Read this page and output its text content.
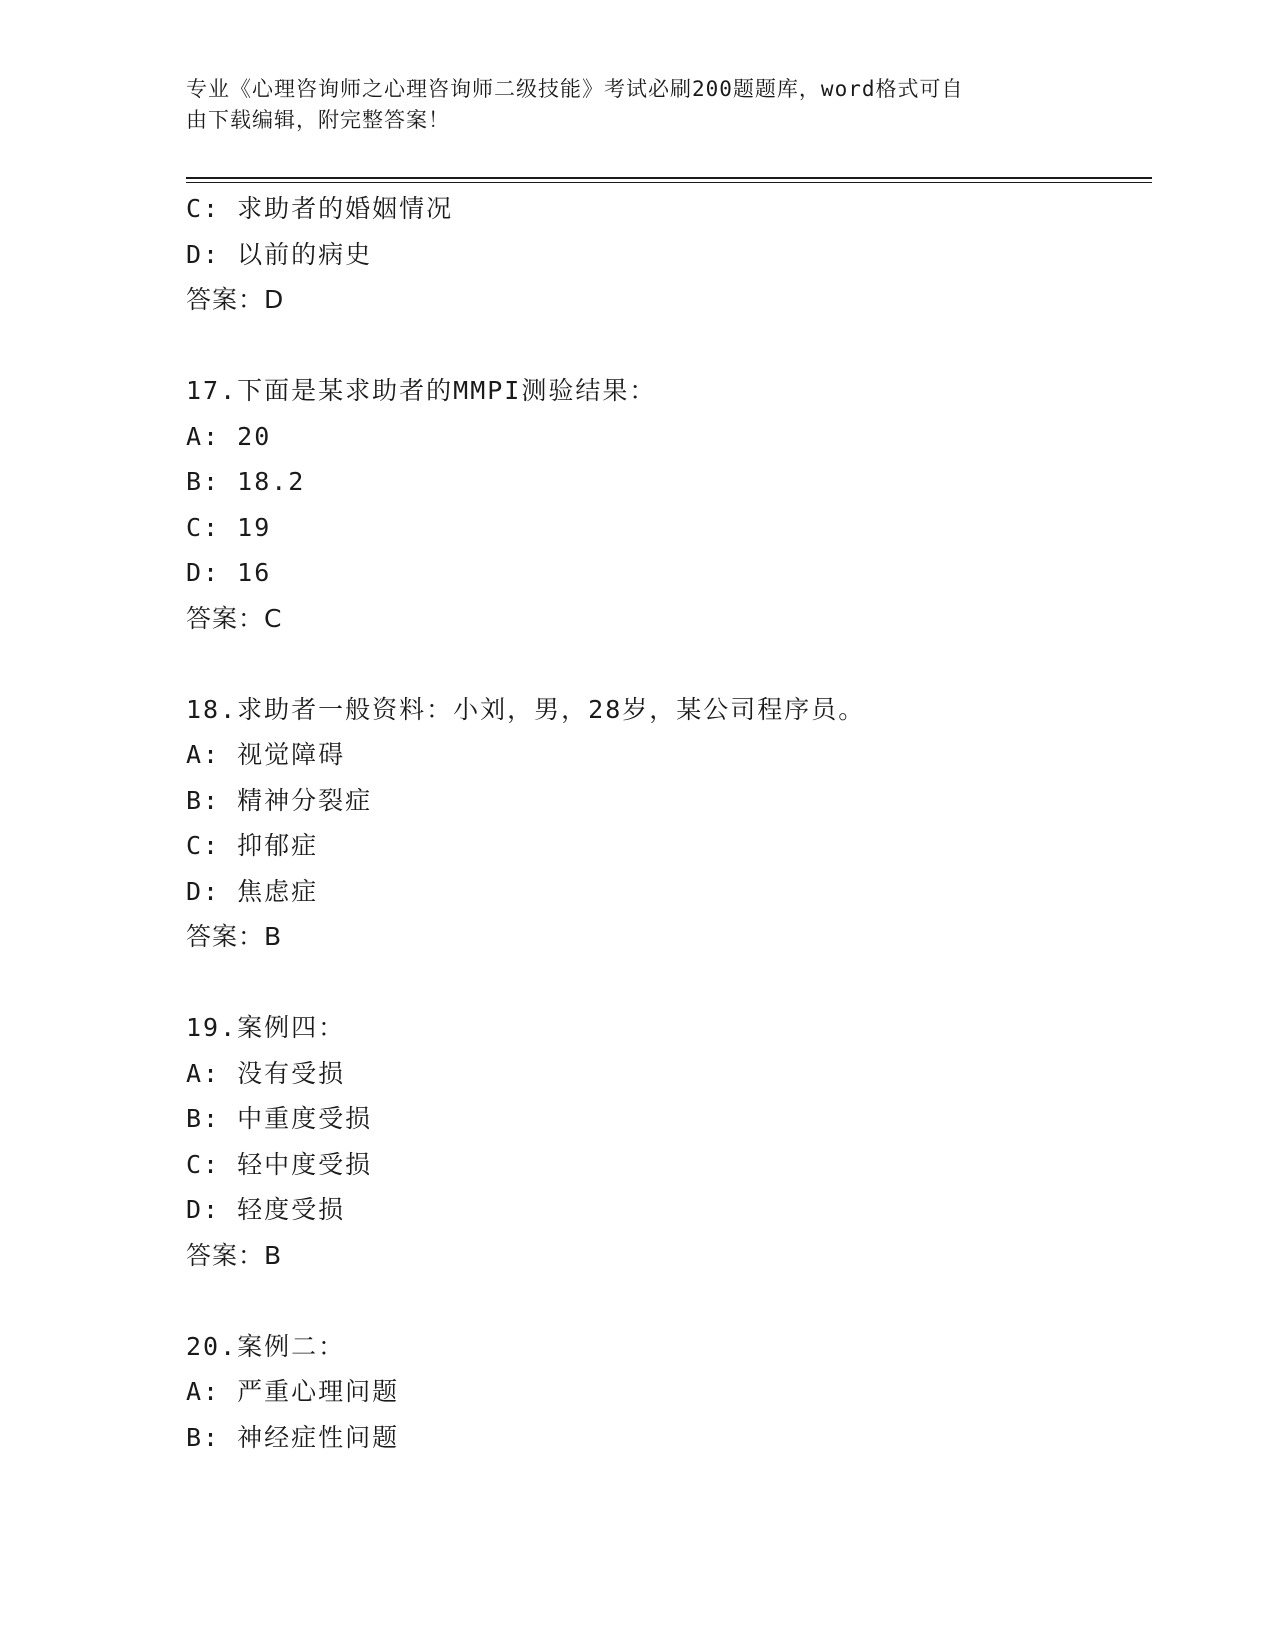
专业《心理咨询师之心理咨询师二级技能》考试必刷200题题库，word格式可自
由下载编辑，附完整答案！
C: 求助者的婚姻情况
D: 以前的病史
答案：D
17.下面是某求助者的MMPI测验结果：
A: 20
B: 18.2
C: 19
D: 16
答案：C
18.求助者一般资料：小刘，男，28岁，某公司程序员。
A: 视觉障碍
B: 精神分裂症
C: 抑郁症
D: 焦虑症
答案：B
19.案例四：
A: 没有受损
B: 中重度受损
C: 轻中度受损
D: 轻度受损
答案：B
20.案例二：
A: 严重心理问题
B: 神经症性问题
